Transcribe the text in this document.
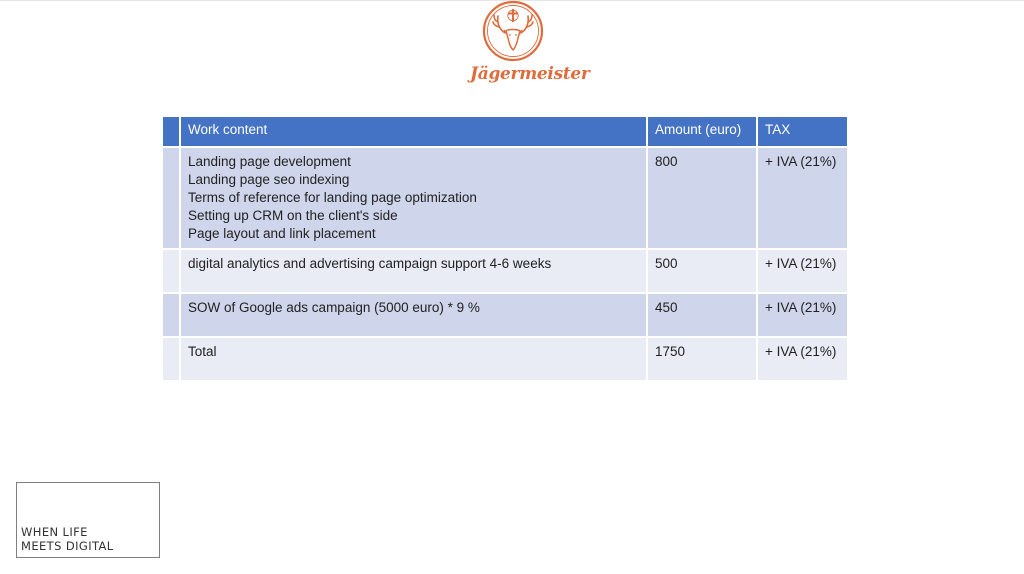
Jägermeister
	Work content	Amount (euro)	TAX

	Landing page development
Landing page seo indexing
Terms of reference for landing page optimization
Setting up CRM on the client's side
Page layout and link placement	800	+ IVA (21%)

	digital analytics and advertising campaign support 4-6 weeks	500	+ IVA (21%)

	SOW of Google ads campaign (5000 euro) * 9 %	450	+ IVA (21%)

	Total	1750	+ IVA (21%)
WHEN LIFE
MEETS DIGITAL
